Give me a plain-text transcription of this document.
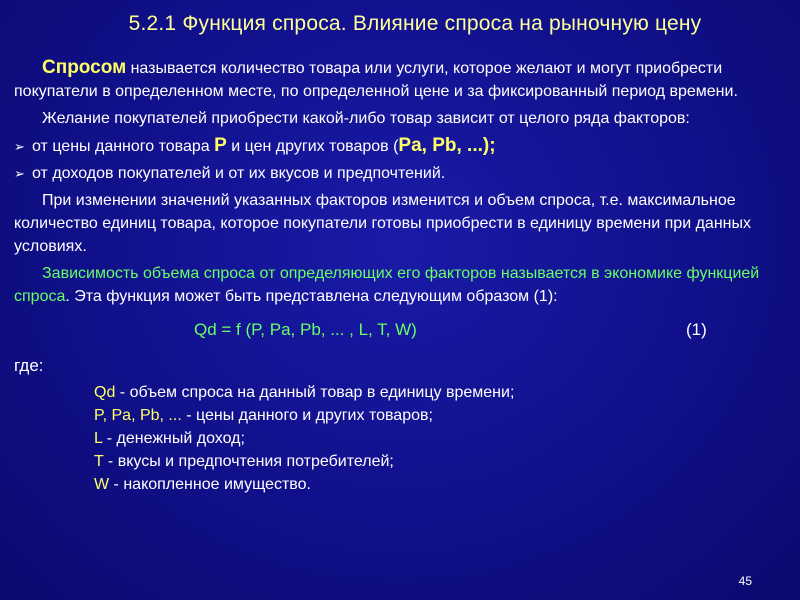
5.2.1 Функция спроса. Влияние спроса на рыночную цену

Спросом называется количество товара или услуги, которое желают и могут приобрести покупатели в определенном месте, по определенной цене и за фиксированный период времени.

Желание покупателей приобрести какой-либо товар зависит от целого ряда факторов:

➢ от цены данного товара P и цен других товаров (Pa, Pb, ...);
➢ от доходов покупателей и от их вкусов и предпочтений.

При изменении значений указанных факторов изменится и объем спроса, т.е. максимальное количество единиц товара, которое покупатели готовы приобрести в единицу времени при данных условиях.

Зависимость объема спроса от определяющих его факторов называется в экономике функцией спроса. Эта функция может быть представлена следующим образом (1):

Qd = f (P, Pa, Pb, ... , L, T, W)	(1)
где:
Qd - объем спроса на данный товар в единицу времени;
P, Pa, Pb, ... - цены данного и других товаров;
L - денежный доход;
T - вкусы и предпочтения потребителей;
W - накопленное имущество.
45
